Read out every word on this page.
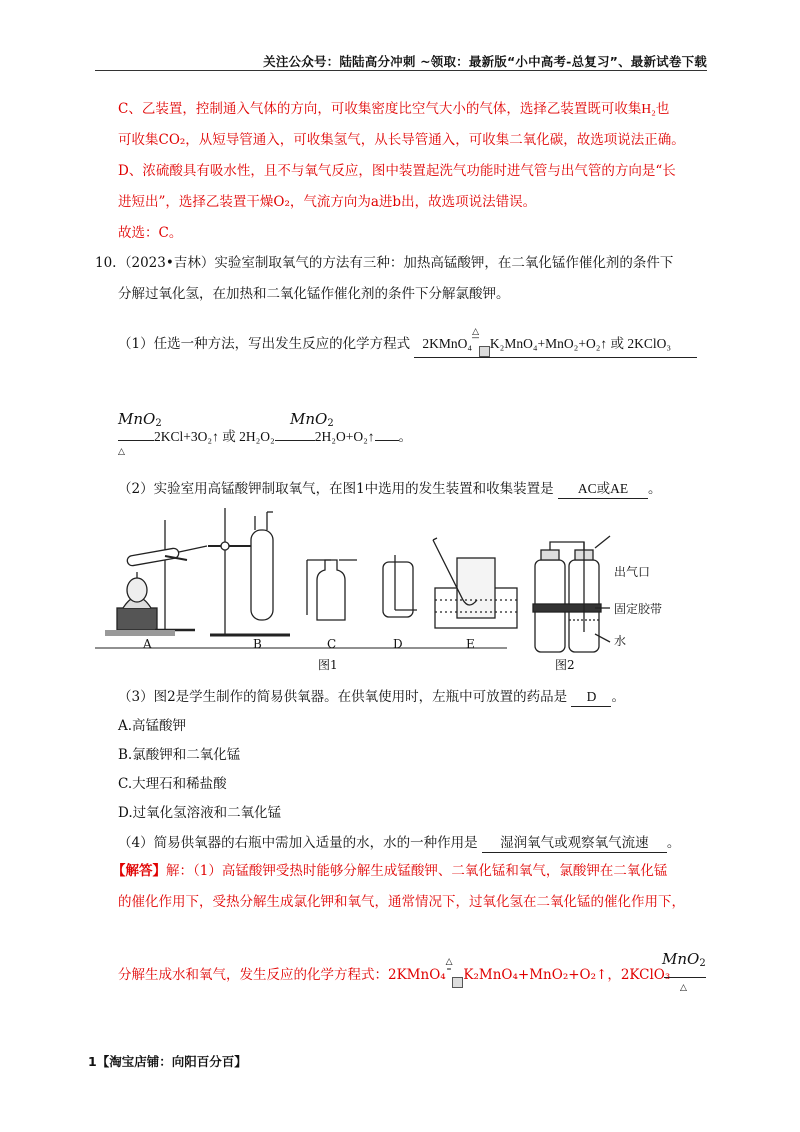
关注公众号：陆陆高分冲刺 ~领取：最新版“小中高考-总复习”、最新试卷下载
C、乙装置，控制通入气体的方向，可收集密度比空气大小的气体，选择乙装置既可收集H₂也
可收集CO₂，从短导管通入，可收集氢气，从长导管通入，可收集二氧化碳，故选项说法正确。
D、浓硫酸具有吸水性，且不与氧气反应，图中装置起洗气功能时进气管与出气管的方向是“长
进短出”，选择乙装置干燥O₂，气流方向为a进b出，故选项说法错误。
故选：C。
10. （2023•吉林）实验室制取氧气的方法有三种：加热高锰酸钾，在二氧化锰作催化剂的条件下
分解过氧化氢，在加热和二氧化锰作催化剂的条件下分解氯酸钾。
（1）任选一种方法，写出发生反应的化学方程式 2KMnO₄
△
¯ K₂MnO₄+MnO₂+O₂↑ 或 2KClO₃
MnO$_2$	MnO$_2$
△
2KCl+3O₂↑ 或 2H₂O₂	2H₂O+O₂↑ 。
（2）实验室用高锰酸钾制取氧气，在图1中选用的发生装置和收集装置是 AC或AE 。
A	B	C	D	E
图1	图2
出气口
固定胶带
水
（3）图2是学生制作的简易供氧器。在供氧使用时，左瓶中可放置的药品是 D 。
A.高锰酸钾
B.氯酸钾和二氧化锰
C.大理石和稀盐酸
D.过氧化氢溶液和二氧化锰
（4）简易供氧器的右瓶中需加入适量的水，水的一种作用是 湿润氧气或观察氧气流速 。
【解答】解：（1）高锰酸钾受热时能够分解生成锰酸钾、二氧化锰和氧气，氯酸钾在二氧化锰
的催化作用下，受热分解生成氯化钾和氧气，通常情况下，过氧化氢在二氧化锰的催化作用下，
MnO$_2$
分解生成水和氧气，发生反应的化学方程式：2KMnO₄
△
¯ K₂MnO₄+MnO₂+O₂↑，2KClO₃
△
1【淘宝店铺：向阳百分百】
